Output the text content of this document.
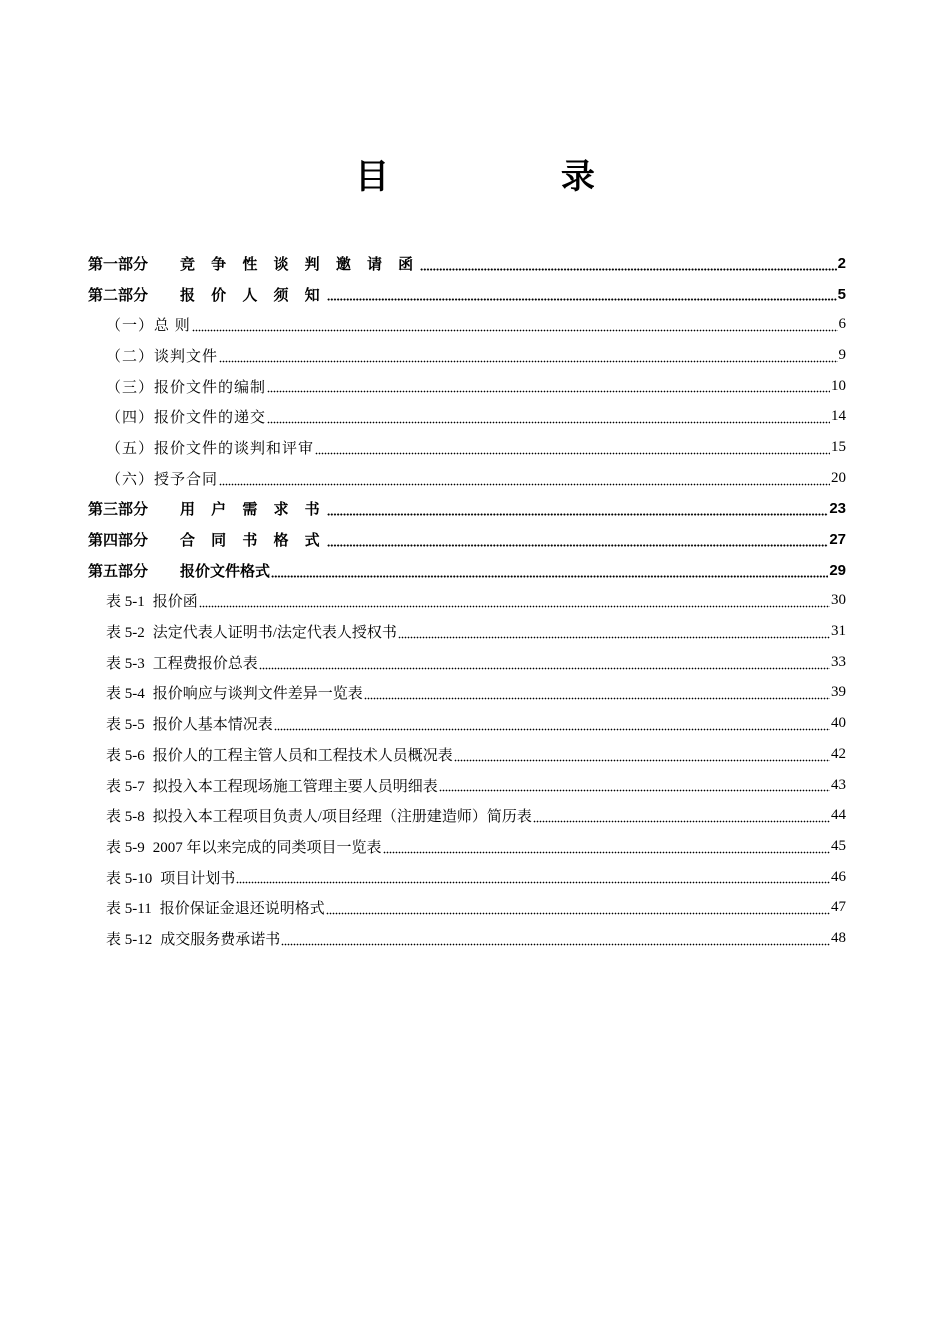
目 录
第一部分	竞 争 性 谈 判 邀 请 函	2
第二部分	报 价 人 须 知	5
（一）总 则	6
（二）谈判文件	9
（三）报价文件的编制	10
（四）报价文件的递交	14
（五）报价文件的谈判和评审	15
（六）授予合同	20
第三部分	用 户 需 求 书	23
第四部分	合 同 书 格 式	27
第五部分	报价文件格式	29
表 5-1 报价函	30
表 5-2 法定代表人证明书/法定代表人授权书	31
表 5-3 工程费报价总表	33
表 5-4 报价响应与谈判文件差异一览表	39
表 5-5 报价人基本情况表	40
表 5-6 报价人的工程主管人员和工程技术人员概况表	42
表 5-7 拟投入本工程现场施工管理主要人员明细表	43
表 5-8 拟投入本工程项目负责人/项目经理（注册建造师）简历表	44
表 5-9 2007 年以来完成的同类项目一览表	45
表 5-10 项目计划书	46
表 5-11 报价保证金退还说明格式	47
表 5-12 成交服务费承诺书	48
